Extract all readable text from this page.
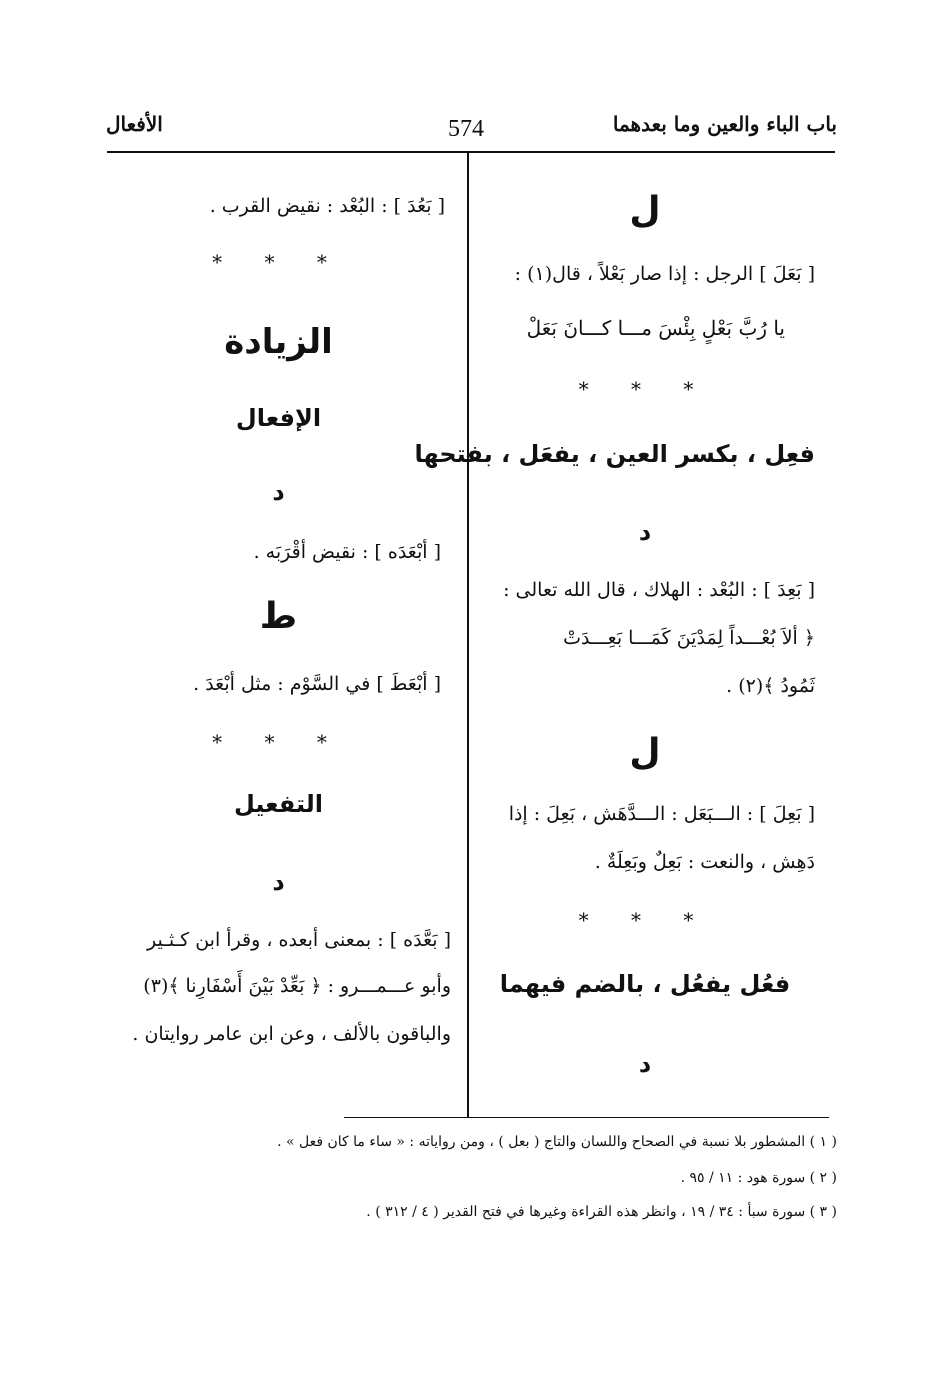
باب الباء والعين وما بعدهما
574
الأفعال
ل
[ بَعَلَ ] الرجل : إذا صار بَعْلاً ، قال(١) :
يا رُبَّ بَعْلٍ بِئْسَ مـــا كـــانَ بَعَلْ
* * *
فعِل ، بكسر العين ، يفعَل ، بفتحها
د
[ بَعِدَ ] : البُعْد : الهلاك ، قال الله تعالى :
﴿ ألاَ بُعْـــداً لِمَدْيَنَ كَمَـــا بَعِـــدَتْ
ثَمُودُ ﴾(٢) .
ل
[ بَعِلَ ] : الـــبَعَل : الـــدَّهَش ، بَعِلَ : إذا
دَهِش ، والنعت : بَعِلٌ وبَعِلَةٌ .
* * *
فعُل يفعُل ، بالضم فيهما
د
[ بَعُدَ ] : البُعْد : نقيض القرب .
* * *
الزيادة
الإفعال
د
[ أبْعَدَه ] : نقيض أقْرَبَه .
ط
[ أبْعَطَ ] في السَّوْم : مثل أبْعَدَ .
* * *
التفعيل
د
[ بَعَّدَه ] : بمعنى أبعده ، وقرأ ابن كـثـير
وأبو عـــمـــرو : ﴿ بَعِّدْ بَيْنَ أَسْفَارِنا ﴾(٣)
والباقون بالألف ، وعن ابن عامر روايتان .
( ١ ) المشطور بلا نسبة في الصحاح واللسان والتاج ( بعل ) ، ومن رواياته : « ساء ما كان فعل » .
( ٢ ) سورة هود : ١١ / ٩٥ .
( ٣ ) سورة سبأ : ٣٤ / ١٩ ، وانظر هذه القراءة وغيرها في فتح القدير ( ٤ / ٣١٢ ) .
